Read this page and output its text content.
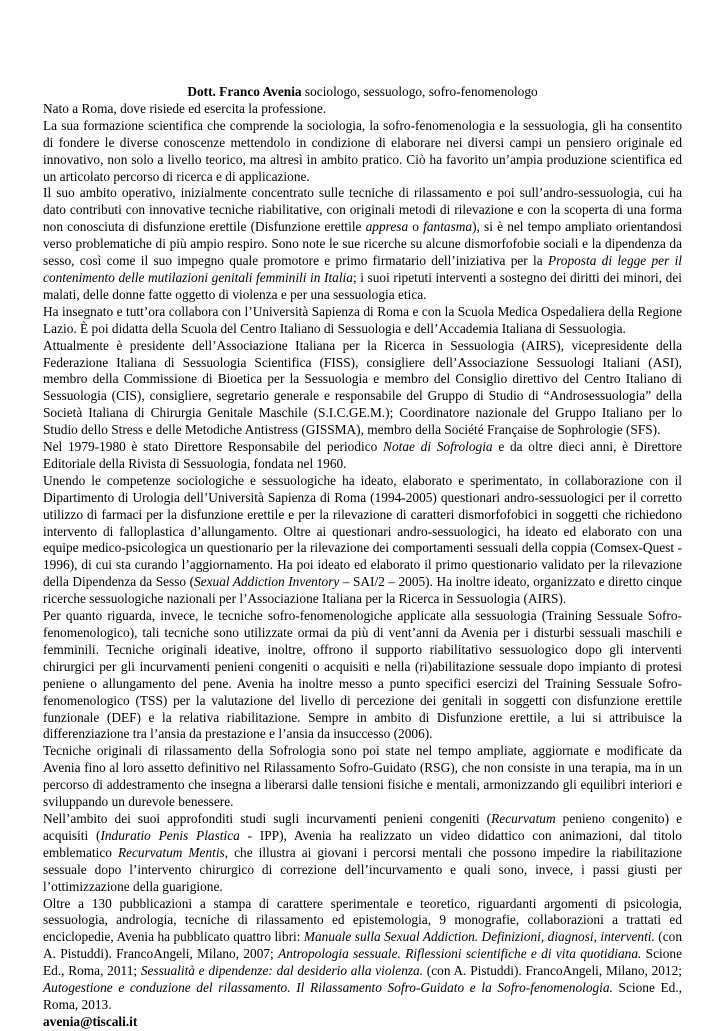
Dott. Franco Avenia sociologo, sessuologo, sofro-fenomenologo

Nato a Roma, dove risiede ed esercita la professione.

La sua formazione scientifica che comprende la sociologia, la sofro-fenomenologia e la sessuologia, gli ha consentito di fondere le diverse conoscenze mettendolo in condizione di elaborare nei diversi campi un pensiero originale ed innovativo, non solo a livello teorico, ma altresì in ambito pratico. Ciò ha favorito un’ampia produzione scientifica ed un articolato percorso di ricerca e di applicazione.

Il suo ambito operativo, inizialmente concentrato sulle tecniche di rilassamento e poi sull’andro-sessuologia, cui ha dato contributi con innovative tecniche riabilitative, con originali metodi di rilevazione e con la scoperta di una forma non conosciuta di disfunzione erettile (Disfunzione erettile appresa o fantasma), si è nel tempo ampliato orientandosi verso problematiche di più ampio respiro. Sono note le sue ricerche su alcune dismorfofobie sociali e la dipendenza da sesso, così come il suo impegno quale promotore e primo firmatario dell’iniziativa per la Proposta di legge per il contenimento delle mutilazioni genitali femminili in Italia; i suoi ripetuti interventi a sostegno dei diritti dei minori, dei malati, delle donne fatte oggetto di violenza e per una sessuologia etica.

Ha insegnato e tutt’ora collabora con l’Università Sapienza di Roma e con la Scuola Medica Ospedaliera della Regione Lazio. È poi didatta della Scuola del Centro Italiano di Sessuologia e dell’Accademia Italiana di Sessuologia.

Attualmente è presidente dell’Associazione Italiana per la Ricerca in Sessuologia (AIRS), vicepresidente della Federazione Italiana di Sessuologia Scientifica (FISS), consigliere dell’Associazione Sessuologi Italiani (ASI), membro della Commissione di Bioetica per la Sessuologia e membro del Consiglio direttivo del Centro Italiano di Sessuologia (CIS), consigliere, segretario generale e responsabile del Gruppo di Studio di “Androsessuologia” della Società Italiana di Chirurgia Genitale Maschile (S.I.C.GE.M.); Coordinatore nazionale del Gruppo Italiano per lo Studio dello Stress e delle Metodiche Antistress (GISSMA), membro della Société Française de Sophrologie (SFS).

Nel 1979-1980 è stato Direttore Responsabile del periodico Notae di Sofrologia e da oltre dieci anni, è Direttore Editoriale della Rivista di Sessuologia, fondata nel 1960.

Unendo le competenze sociologiche e sessuologiche ha ideato, elaborato e sperimentato, in collaborazione con il Dipartimento di Urologia dell’Università Sapienza di Roma (1994-2005) questionari andro-sessuologici per il corretto utilizzo di farmaci per la disfunzione erettile e per la rilevazione di caratteri dismorfofobici in soggetti che richiedono intervento di falloplastica d’allungamento. Oltre ai questionari andro-sessuologici, ha ideato ed elaborato con una equipe medico-psicologica un questionario per la rilevazione dei comportamenti sessuali della coppia (Comsex-Quest - 1996), di cui sta curando l’aggiornamento. Ha poi ideato ed elaborato il primo questionario validato per la rilevazione della Dipendenza da Sesso (Sexual Addiction Inventory – SAI/2 – 2005). Ha inoltre ideato, organizzato e diretto cinque ricerche sessuologiche nazionali per l’Associazione Italiana per la Ricerca in Sessuologia (AIRS).

Per quanto riguarda, invece, le tecniche sofro-fenomenologiche applicate alla sessuologia (Training Sessuale Sofro-fenomenologico), tali tecniche sono utilizzate ormai da più di vent’anni da Avenia per i disturbi sessuali maschili e femminili. Tecniche originali ideative, inoltre, offrono il supporto riabilitativo sessuologico dopo gli interventi chirurgici per gli incurvamenti penieni congeniti o acquisiti e nella (ri)abilitazione sessuale dopo impianto di protesi peniene o allungamento del pene. Avenia ha inoltre messo a punto specifici esercizi del Training Sessuale Sofro-fenomenologico (TSS) per la valutazione del livello di percezione dei genitali in soggetti con disfunzione erettile funzionale (DEF) e la relativa riabilitazione. Sempre in ambito di Disfunzione erettile, a lui si attribuisce la differenziazione tra l’ansia da prestazione e l’ansia da insuccesso (2006).

Tecniche originali di rilassamento della Sofrologia sono poi state nel tempo ampliate, aggiornate e modificate da Avenia fino al loro assetto definitivo nel Rilassamento Sofro-Guidato (RSG), che non consiste in una terapia, ma in un percorso di addestramento che insegna a liberarsi dalle tensioni fisiche e mentali, armonizzando gli equilibri interiori e sviluppando un durevole benessere.

Nell’ambito dei suoi approfonditi studi sugli incurvamenti penieni congeniti (Recurvatum penieno congenito) e acquisiti (Induratio Penis Plastica - IPP), Avenia ha realizzato un video didattico con animazioni, dal titolo emblematico Recurvatum Mentis, che illustra ai giovani i percorsi mentali che possono impedire la riabilitazione sessuale dopo l’intervento chirurgico di correzione dell’incurvamento e quali sono, invece, i passi giusti per l’ottimizzazione della guarigione.

Oltre a 130 pubblicazioni a stampa di carattere sperimentale e teoretico, riguardanti argomenti di psicologia, sessuologia, andrologia, tecniche di rilassamento ed epistemologia, 9 monografie, collaborazioni a trattati ed enciclopedie, Avenia ha pubblicato quattro libri: Manuale sulla Sexual Addiction. Definizioni, diagnosi, interventi. (con A. Pistuddi). FrancoAngeli, Milano, 2007; Antropologia sessuale. Riflessioni scientifiche e di vita quotidiana. Scione Ed., Roma, 2011; Sessualità e dipendenze: dal desiderio alla violenza. (con A. Pistuddi). FrancoAngeli, Milano, 2012; Autogestione e conduzione del rilassamento. Il Rilassamento Sofro-Guidato e la Sofro-fenomenologia. Scione Ed., Roma, 2013.

avenia@tiscali.it
